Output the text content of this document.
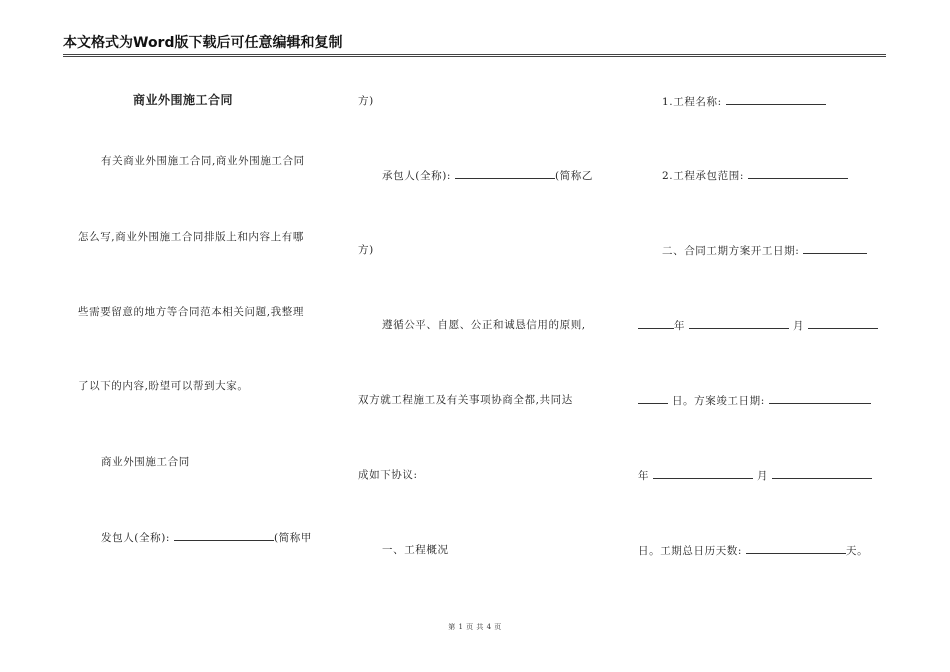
本文格式为Word版下载后可任意编辑和复制
商业外围施工合同
有关商业外围施工合同,商业外围施工合同
怎么写,商业外围施工合同排版上和内容上有哪
些需要留意的地方等合同范本相关问题,我整理
了以下的内容,盼望可以帮到大家。
商业外围施工合同
发包人(全称):	(简称甲
方)
承包人(全称):	(简称乙
方)
遵循公平、自愿、公正和诚恳信用的原则,
双方就工程施工及有关事项协商全都,共同达
成如下协议:
一、工程概况
1.工程名称:
2.工程承包范围:
二、合同工期方案开工日期:
年	月
日。方案竣工日期:
年	月
日。工期总日历天数:	天。
第 1 页 共 4 页
